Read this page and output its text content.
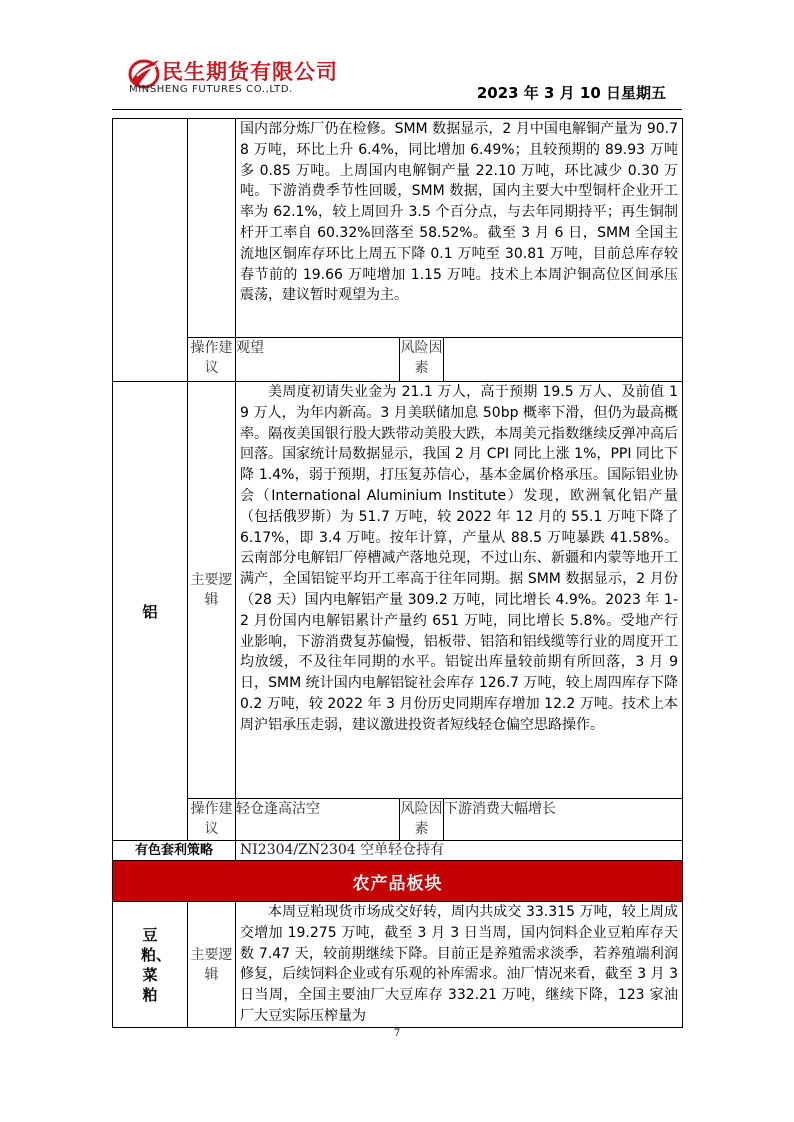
民生期货有限公司
MINSHENG FUTURES CO.,LTD.	2023 年 3 月 10 日星期五

		国内部分炼厂仍在检修。SMM 数据显示，2 月中国电解铜产量为 90.78 万吨，环比上升 6.4%，同比增加 6.49%；且较预期的 89.93 万吨多 0.85 万吨。上周国内电解铜产量 22.10 万吨，环比减少 0.30 万吨。下游消费季节性回暖，SMM 数据，国内主要大中型铜杆企业开工率为 62.1%，较上周回升 3.5 个百分点，与去年同期持平；再生铜制杆开工率自 60.32%回落至 58.52%。截至 3 月 6 日，SMM 全国主流地区铜库存环比上周五下降 0.1 万吨至 30.81 万吨，目前总库存较春节前的 19.66 万吨增加 1.15 万吨。技术上本周沪铜高位区间承压震荡，建议暂时观望为主。		

	操作建议	观望	风险因素	
铝	主要逻辑	美周度初请失业金为 21.1 万人，高于预期 19.5 万人、及前值 19 万人，为年内新高。3 月美联储加息 50bp 概率下滑，但仍为最高概率。隔夜美国银行股大跌带动美股大跌，本周美元指数继续反弹冲高后回落。国家统计局数据显示，我国 2 月 CPI 同比上涨 1%，PPI 同比下降 1.4%，弱于预期，打压复苏信心，基本金属价格承压。国际铝业协会（International Aluminium Institute）发现，欧洲氧化铝产量（包括俄罗斯）为 51.7 万吨，较 2022 年 12 月的 55.1 万吨下降了 6.17%，即 3.4 万吨。按年计算，产量从 88.5 万吨暴跌 41.58%。云南部分电解铝厂停槽减产落地兑现，不过山东、新疆和内蒙等地开工满产，全国铝锭平均开工率高于往年同期。据 SMM 数据显示，2 月份（28 天）国内电解铝产量 309.2 万吨，同比增长 4.9%。2023 年 1-2 月份国内电解铝累计产量约 651 万吨，同比增长 5.8%。受地产行业影响，下游消费复苏偏慢，铝板带、铝箔和铝线缆等行业的周度开工均放缓，不及往年同期的水平。铝锭出库量较前期有所回落，3 月 9 日，SMM 统计国内电解铝锭社会库存 126.7 万吨，较上周四库存下降 0.2 万吨，较 2022 年 3 月份历史同期库存增加 12.2 万吨。技术上本周沪铝承压走弱，建议激进投资者短线轻仓偏空思路操作。		

	操作建议	轻仓逢高沽空	风险因素	下游消费大幅增长
有色套利策略		NI2304/ZN2304 空单轻仓持有		
农产品板块				

豆粕、菜粕	主要逻辑	本周豆粕现货市场成交好转，周内共成交 33.315 万吨，较上周成交增加 19.275 万吨，截至 3 月 3 日当周，国内饲料企业豆粕库存天数 7.47 天，较前期继续下降。目前正是养殖需求淡季，若养殖端利润修复，后续饲料企业或有乐观的补库需求。油厂情况来看，截至 3 月 3 日当周，全国主要油厂大豆库存 332.21 万吨，继续下降，123 家油厂大豆实际压榨量为		
7
